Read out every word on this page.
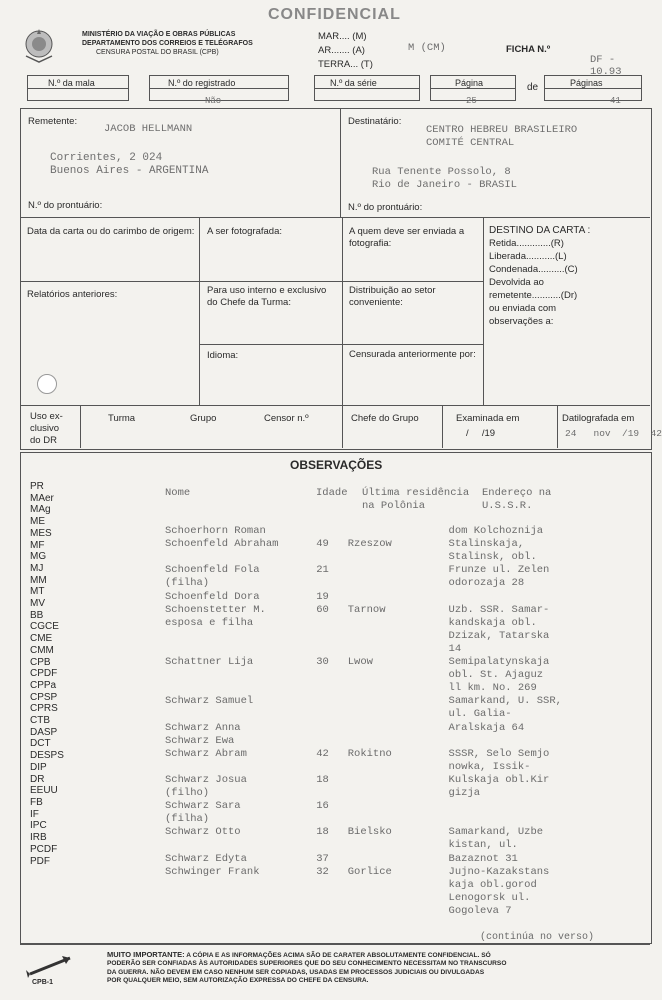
CONFIDENCIAL
MINISTÉRIO DA VIAÇÃO E OBRAS PÚBLICAS
DEPARTAMENTO DOS CORREIOS E TELÉGRAFOS
CENSURA POSTAL DO BRASIL (CPB)
MAR.... (M)
AR....... (A)
TERRA... (T)
M (CM)	FICHA N.º
DF - 10.93
N.º da mala	N.º do registrado
Não
N.º da série	Página
25
de	Páginas
41
Remetente:
JACOB HELLMANN
Corrientes, 2 024
Buenos Aires - ARGENTINA
N.º do prontuário:
Destinatário:
CENTRO HEBREU BRASILEIRO
COMITÉ CENTRAL
Rua Tenente Possolo, 8
Rio de Janeiro - BRASIL
N.º do prontuário:
Data da carta ou do carimbo de origem:	A ser fotografada:	A quem deve ser enviada a fotografia:
Relatórios anteriores:	Para uso interno e exclusivo do Chefe da Turma:
Distribuição ao setor conveniente:
Idioma:	Censurada anteriormente por:
DESTINO DA CARTA :
Retida.............(R)
Liberada...........(L)
Condenada..........(C)
Devolvida ao
remetente...........(Dr)
ou enviada com
observações a:
Uso ex-
clusivo
do DR
Turma	Grupo	Censor n.º	Chefe do Grupo	Examinada em
/     /19
Datilografada em
24   nov  /19  42
OBSERVAÇÕES
PR
MAer
MAg
ME
MES
MF
MG
MJ
MM
MT
MV
BB
CGCE
CME
CMM
CPB
CPDF
CPPa
CPSP
CPRS
CTB
DASP
DCT
DESPS
DIP
DR
EEUU
FB
IF
IPC
IRB
PCDF
PDF
Nome	Idade Última residência Endereço na
na Polônia	U.S.S.R.
Schoerhorn Roman                             dom Kolchoznija
Schoenfeld Abraham      49   Rzeszow         Stalinskaja,
Stalinsk, obl.
Schoenfeld Fola         21                   Frunze ul. Zelen
(filha)                                      odorozaja 28
Schoenfeld Dora         19
Schoenstetter M.        60   Tarnow          Uzb. SSR. Samar-
esposa e filha                               kandskaja obl.
Dzizak, Tatarska
14
Schattner Lija          30   Lwow            Semipalatynskaja
obl. St. Ajaguz
ll km. No. 269
Schwarz Samuel                               Samarkand, U. SSR,
ul. Galia-
Schwarz Anna                                 Aralskaja 64
Schwarz Ewa
Schwarz Abram           42   Rokitno         SSSR, Selo Semjo
nowka, Issik-
Schwarz Josua           18                   Kulskaja obl.Kir
(filho)                                      gizja
Schwarz Sara            16
(filha)
Schwarz Otto            18   Bielsko         Samarkand, Uzbe
kistan, ul.
Schwarz Edyta           37                   Bazaznot 31
Schwinger Frank         32   Gorlice         Jujno-Kazakstans
kaja obl.gorod
Lenogorsk ul.
Gogoleva 7
(continúa no verso)
CPB-1
MUITO IMPORTANTE: A CÓPIA E AS INFORMAÇÕES ACIMA SÃO DE CARATER ABSOLUTAMENTE CONFIDENCIAL. SÓ
PODERÃO SER CONFIADAS ÀS AUTORIDADES SUPERIORES QUE DO SEU CONHECIMENTO NECESSITAM NO TRANSCURSO
DA GUERRA. NÃO DEVEM EM CASO NENHUM SER COPIADAS, USADAS EM PROCESSOS JUDICIAIS OU DIVULGADAS
POR QUALQUER MEIO, SEM AUTORIZAÇÃO EXPRESSA DO CHEFE DA CENSURA.
